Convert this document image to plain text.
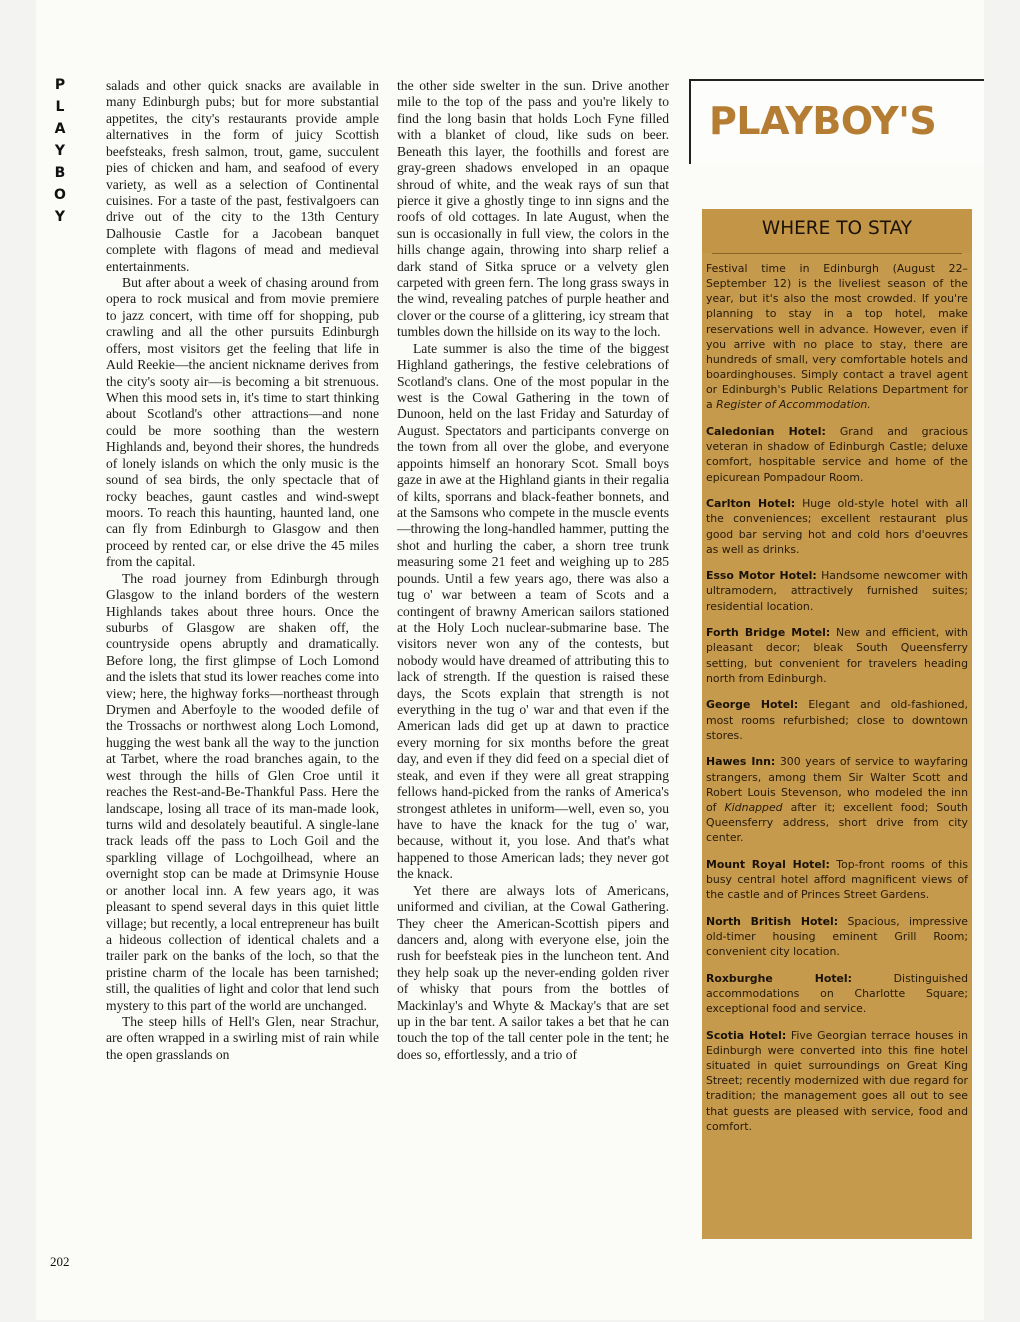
P
L
A
Y
B
O
Y

salads and other quick snacks are available in many Edinburgh pubs; but for more substantial appetites, the city's restaurants provide ample alternatives in the form of juicy Scottish beefsteaks, fresh salmon, trout, game, succulent pies of chicken and ham, and seafood of every variety, as well as a selection of Continental cuisines. For a taste of the past, festivalgoers can drive out of the city to the 13th Century Dalhousie Castle for a Jacobean banquet complete with flagons of mead and medieval entertainments.

But after about a week of chasing around from opera to rock musical and from movie premiere to jazz concert, with time off for shopping, pub crawling and all the other pursuits Edinburgh offers, most visitors get the feeling that life in Auld Reekie—the ancient nickname derives from the city's sooty air—is becoming a bit strenuous. When this mood sets in, it's time to start thinking about Scotland's other attractions—and none could be more soothing than the western Highlands and, beyond their shores, the hundreds of lonely islands on which the only music is the sound of sea birds, the only spectacle that of rocky beaches, gaunt castles and wind-swept moors. To reach this haunting, haunted land, one can fly from Edinburgh to Glasgow and then proceed by rented car, or else drive the 45 miles from the capital.

The road journey from Edinburgh through Glasgow to the inland borders of the western Highlands takes about three hours. Once the suburbs of Glasgow are shaken off, the countryside opens abruptly and dramatically. Before long, the first glimpse of Loch Lomond and the islets that stud its lower reaches come into view; here, the highway forks—northeast through Drymen and Aberfoyle to the wooded defile of the Trossachs or northwest along Loch Lomond, hugging the west bank all the way to the junction at Tarbet, where the road branches again, to the west through the hills of Glen Croe until it reaches the Rest-and-Be-Thankful Pass. Here the landscape, losing all trace of its man-made look, turns wild and desolately beautiful. A single-lane track leads off the pass to Loch Goil and the sparkling village of Lochgoilhead, where an overnight stop can be made at Drimsynie House or another local inn. A few years ago, it was pleasant to spend several days in this quiet little village; but recently, a local entrepreneur has built a hideous collection of identical chalets and a trailer park on the banks of the loch, so that the pristine charm of the locale has been tarnished; still, the qualities of light and color that lend such mystery to this part of the world are unchanged.

The steep hills of Hell's Glen, near Strachur, are often wrapped in a swirling mist of rain while the open grasslands on

the other side swelter in the sun. Drive another mile to the top of the pass and you're likely to find the long basin that holds Loch Fyne filled with a blanket of cloud, like suds on beer. Beneath this layer, the foothills and forest are gray-green shadows enveloped in an opaque shroud of white, and the weak rays of sun that pierce it give a ghostly tinge to inn signs and the roofs of old cottages. In late August, when the sun is occasionally in full view, the colors in the hills change again, throwing into sharp relief a dark stand of Sitka spruce or a velvety glen carpeted with green fern. The long grass sways in the wind, revealing patches of purple heather and clover or the course of a glittering, icy stream that tumbles down the hillside on its way to the loch.

Late summer is also the time of the biggest Highland gatherings, the festive celebrations of Scotland's clans. One of the most popular in the west is the Cowal Gathering in the town of Dunoon, held on the last Friday and Saturday of August. Spectators and participants converge on the town from all over the globe, and everyone appoints himself an honorary Scot. Small boys gaze in awe at the Highland giants in their regalia of kilts, sporrans and black-feather bonnets, and at the Samsons who compete in the muscle events—throwing the long-handled hammer, putting the shot and hurling the caber, a shorn tree trunk measuring some 21 feet and weighing up to 285 pounds. Until a few years ago, there was also a tug o' war between a team of Scots and a contingent of brawny American sailors stationed at the Holy Loch nuclear-submarine base. The visitors never won any of the contests, but nobody would have dreamed of attributing this to lack of strength. If the question is raised these days, the Scots explain that strength is not everything in the tug o' war and that even if the American lads did get up at dawn to practice every morning for six months before the great day, and even if they did feed on a special diet of steak, and even if they were all great strapping fellows hand-picked from the ranks of America's strongest athletes in uniform—well, even so, you have to have the knack for the tug o' war, because, without it, you lose. And that's what happened to those American lads; they never got the knack.

Yet there are always lots of Americans, uniformed and civilian, at the Cowal Gathering. They cheer the American-Scottish pipers and dancers and, along with everyone else, join the rush for beefsteak pies in the luncheon tent. And they help soak up the never-ending golden river of whisky that pours from the bottles of Mackinlay's and Whyte & Mackay's that are set up in the bar tent. A sailor takes a bet that he can touch the top of the tall center pole in the tent; he does so, effortlessly, and a trio of

PLAYBOY'S
WHERE TO STAY

Festival time in Edinburgh (August 22–September 12) is the liveliest season of the year, but it's also the most crowded. If you're planning to stay in a top hotel, make reservations well in advance. However, even if you arrive with no place to stay, there are hundreds of small, very comfortable hotels and boardinghouses. Simply contact a travel agent or Edinburgh's Public Relations Department for a Register of Accommodation.

Caledonian Hotel: Grand and gracious veteran in shadow of Edinburgh Castle; deluxe comfort, hospitable service and home of the epicurean Pompadour Room.

Carlton Hotel: Huge old-style hotel with all the conveniences; excellent restaurant plus good bar serving hot and cold hors d'oeuvres as well as drinks.

Esso Motor Hotel: Handsome newcomer with ultramodern, attractively furnished suites; residential location.

Forth Bridge Motel: New and efficient, with pleasant decor; bleak South Queensferry setting, but convenient for travelers heading north from Edinburgh.

George Hotel: Elegant and old-fashioned, most rooms refurbished; close to downtown stores.

Hawes Inn: 300 years of service to wayfaring strangers, among them Sir Walter Scott and Robert Louis Stevenson, who modeled the inn of Kidnapped after it; excellent food; South Queensferry address, short drive from city center.

Mount Royal Hotel: Top-front rooms of this busy central hotel afford magnificent views of the castle and of Princes Street Gardens.

North British Hotel: Spacious, impressive old-timer housing eminent Grill Room; convenient city location.

Roxburghe Hotel: Distinguished accommodations on Charlotte Square; exceptional food and service.

Scotia Hotel: Five Georgian terrace houses in Edinburgh were converted into this fine hotel situated in quiet surroundings on Great King Street; recently modernized with due regard for tradition; the management goes all out to see that guests are pleased with service, food and comfort.

202
